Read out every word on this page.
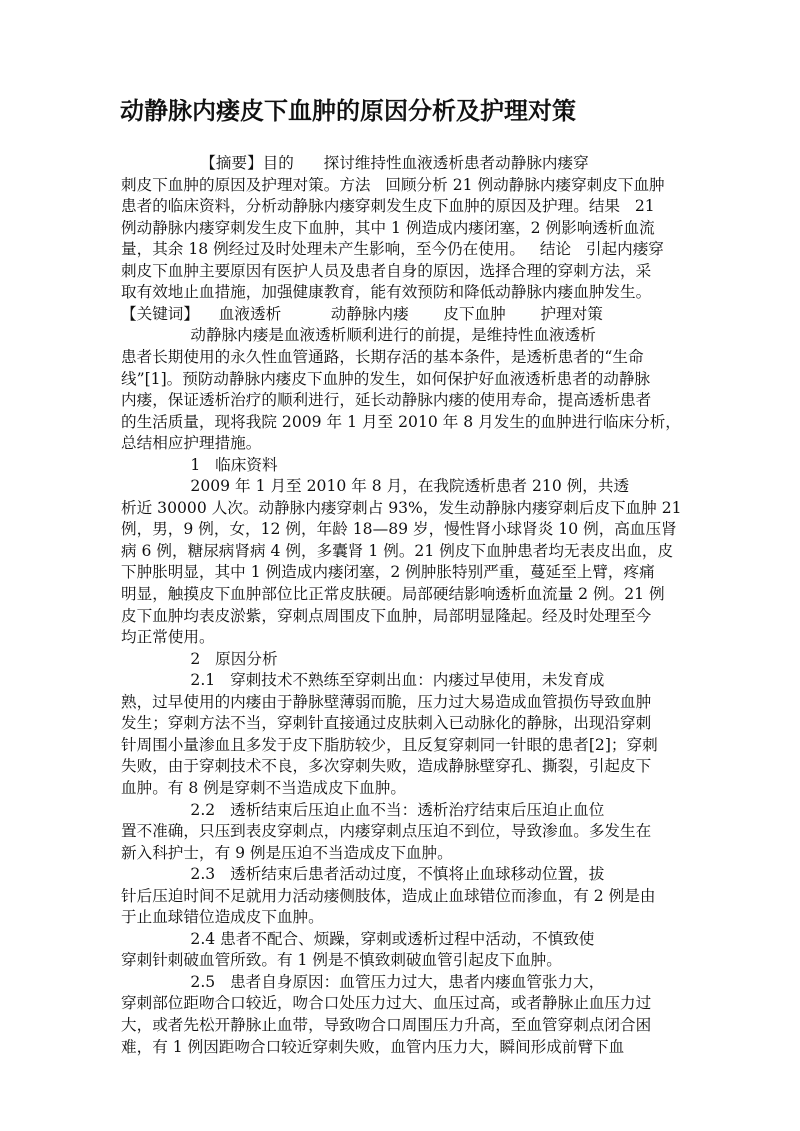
动静脉内瘘皮下血肿的原因分析及护理对策
【摘要】目的      探讨维持性血液透析患者动静脉内瘘穿
刺皮下血肿的原因及护理对策。方法   回顾分析 21 例动静脉内瘘穿刺皮下血肿
患者的临床资料，分析动静脉内瘘穿刺发生皮下血肿的原因及护理。结果   21
例动静脉内瘘穿刺发生皮下血肿，其中 1 例造成内瘘闭塞，2 例影响透析血流
量，其余 18 例经过及时处理未产生影响，至今仍在使用。   结论   引起内瘘穿
刺皮下血肿主要原因有医护人员及患者自身的原因，选择合理的穿刺方法，采
取有效地止血措施，加强健康教育，能有效预防和降低动静脉内瘘血肿发生。
【关键词】    血液透析          动静脉内瘘       皮下血肿       护理对策
动静脉内瘘是血液透析顺利进行的前提，是维持性血液透析
患者长期使用的永久性血管通路，长期存活的基本条件，是透析患者的“生命
线”[1]。预防动静脉内瘘皮下血肿的发生，如何保护好血液透析患者的动静脉
内瘘，保证透析治疗的顺利进行，延长动静脉内瘘的使用寿命，提高透析患者
的生活质量，现将我院 2009 年 1 月至 2010 年 8 月发生的血肿进行临床分析，
总结相应护理措施。
1   临床资料
2009 年 1 月至 2010 年 8 月，在我院透析患者 210 例，共透
析近 30000 人次。动静脉内瘘穿刺占 93%，发生动静脉内瘘穿刺后皮下血肿 21
例，男，9 例，女，12 例，年龄 18—89 岁，慢性肾小球肾炎 10 例，高血压肾
病 6 例，糖尿病肾病 4 例，多囊肾 1 例。21 例皮下血肿患者均无表皮出血，皮
下肿胀明显，其中 1 例造成内瘘闭塞，2 例肿胀特别严重，蔓延至上臂，疼痛
明显，触摸皮下血肿部位比正常皮肤硬。局部硬结影响透析血流量 2 例。21 例
皮下血肿均表皮淤紫，穿刺点周围皮下血肿，局部明显隆起。经及时处理至今
均正常使用。
2   原因分析
2.1   穿刺技术不熟练至穿刺出血：内瘘过早使用，未发育成
熟，过早使用的内瘘由于静脉壁薄弱而脆，压力过大易造成血管损伤导致血肿
发生；穿刺方法不当，穿刺针直接通过皮肤刺入已动脉化的静脉，出现沿穿刺
针周围小量渗血且多发于皮下脂肪较少，且反复穿刺同一针眼的患者[2]；穿刺
失败，由于穿刺技术不良，多次穿刺失败，造成静脉壁穿孔、撕裂，引起皮下
血肿。有 8 例是穿刺不当造成皮下血肿。
2.2   透析结束后压迫止血不当：透析治疗结束后压迫止血位
置不准确，只压到表皮穿刺点，内瘘穿刺点压迫不到位，导致渗血。多发生在
新入科护士，有 9 例是压迫不当造成皮下血肿。
2.3   透析结束后患者活动过度，不慎将止血球移动位置，拔
针后压迫时间不足就用力活动瘘侧肢体，造成止血球错位而渗血，有 2 例是由
于止血球错位造成皮下血肿。
2.4 患者不配合、烦躁，穿刺或透析过程中活动，不慎致使
穿刺针刺破血管所致。有 1 例是不慎致刺破血管引起皮下血肿。
2.5   患者自身原因：血管压力过大，患者内瘘血管张力大，
穿刺部位距吻合口较近，吻合口处压力过大、血压过高，或者静脉止血压力过
大，或者先松开静脉止血带，导致吻合口周围压力升高，至血管穿刺点闭合困
难，有 1 例因距吻合口较近穿刺失败，血管内压力大，瞬间形成前臂下血
